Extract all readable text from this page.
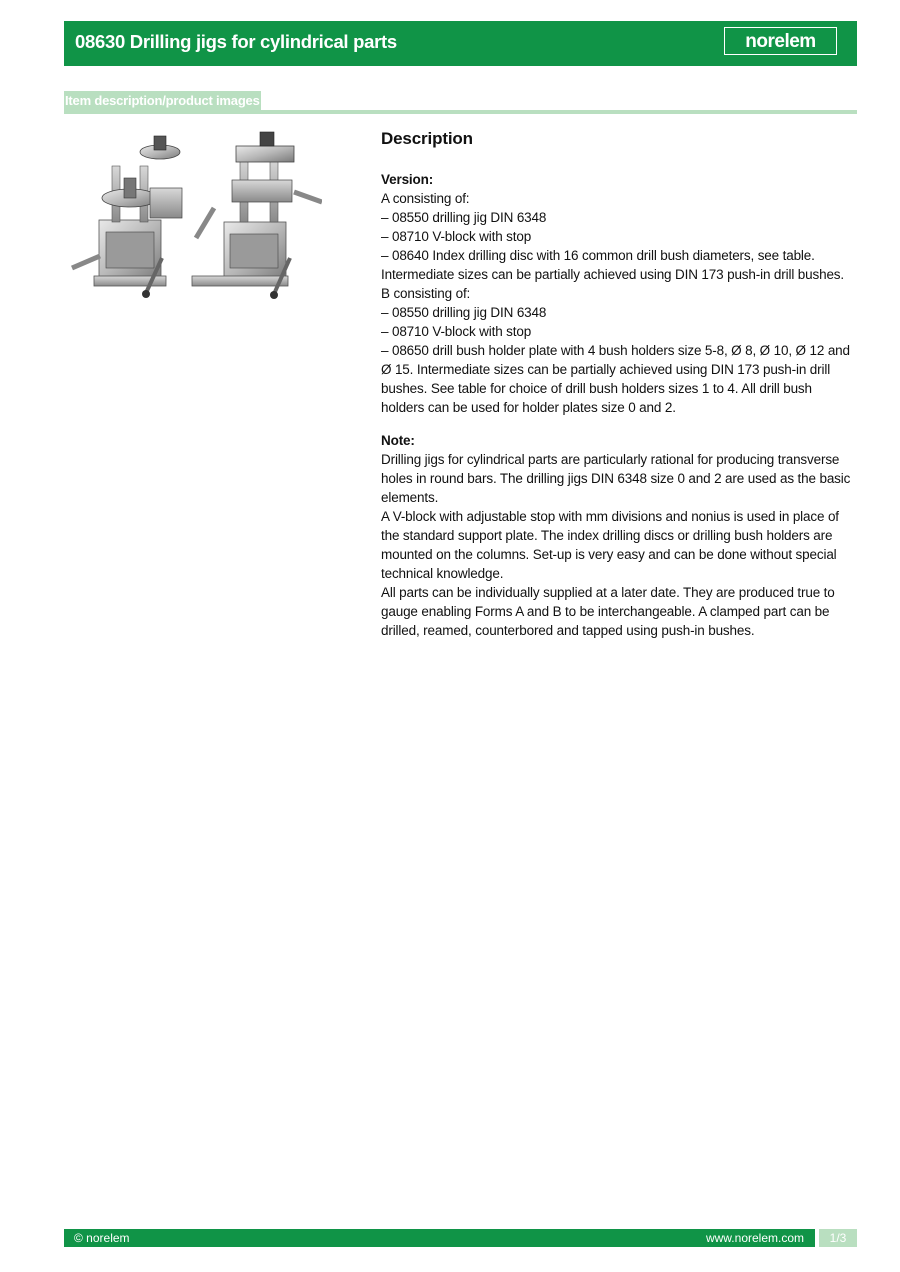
08630 Drilling jigs for cylindrical parts	norelem
Item description/product images
Description

Version:

A consisting of:

– 08550 drilling jig DIN 6348

– 08710 V-block with stop

– 08640 Index drilling disc with 16 common drill bush diameters, see table. Intermediate sizes can be partially achieved using DIN 173 push-in drill bushes.

B consisting of:

– 08550 drilling jig DIN 6348

– 08710 V-block with stop

– 08650 drill bush holder plate with 4 bush holders size 5-8, Ø 8, Ø 10, Ø 12 and Ø 15. Intermediate sizes can be partially achieved using DIN 173 push-in drill bushes. See table for choice of drill bush holders sizes 1 to 4. All drill bush holders can be used for holder plates size 0 and 2.

Note:

Drilling jigs for cylindrical parts are particularly rational for producing transverse holes in round bars. The drilling jigs DIN 6348 size 0 and 2 are used as the basic elements.

A V-block with adjustable stop with mm divisions and nonius is used in place of the standard support plate. The index drilling discs or drilling bush holders are mounted on the columns. Set-up is very easy and can be done without special technical knowledge.

All parts can be individually supplied at a later date. They are produced true to gauge enabling Forms A and B to be interchangeable. A clamped part can be drilled, reamed, counterbored and tapped using push-in bushes.

© norelem	www.norelem.com	1/3
